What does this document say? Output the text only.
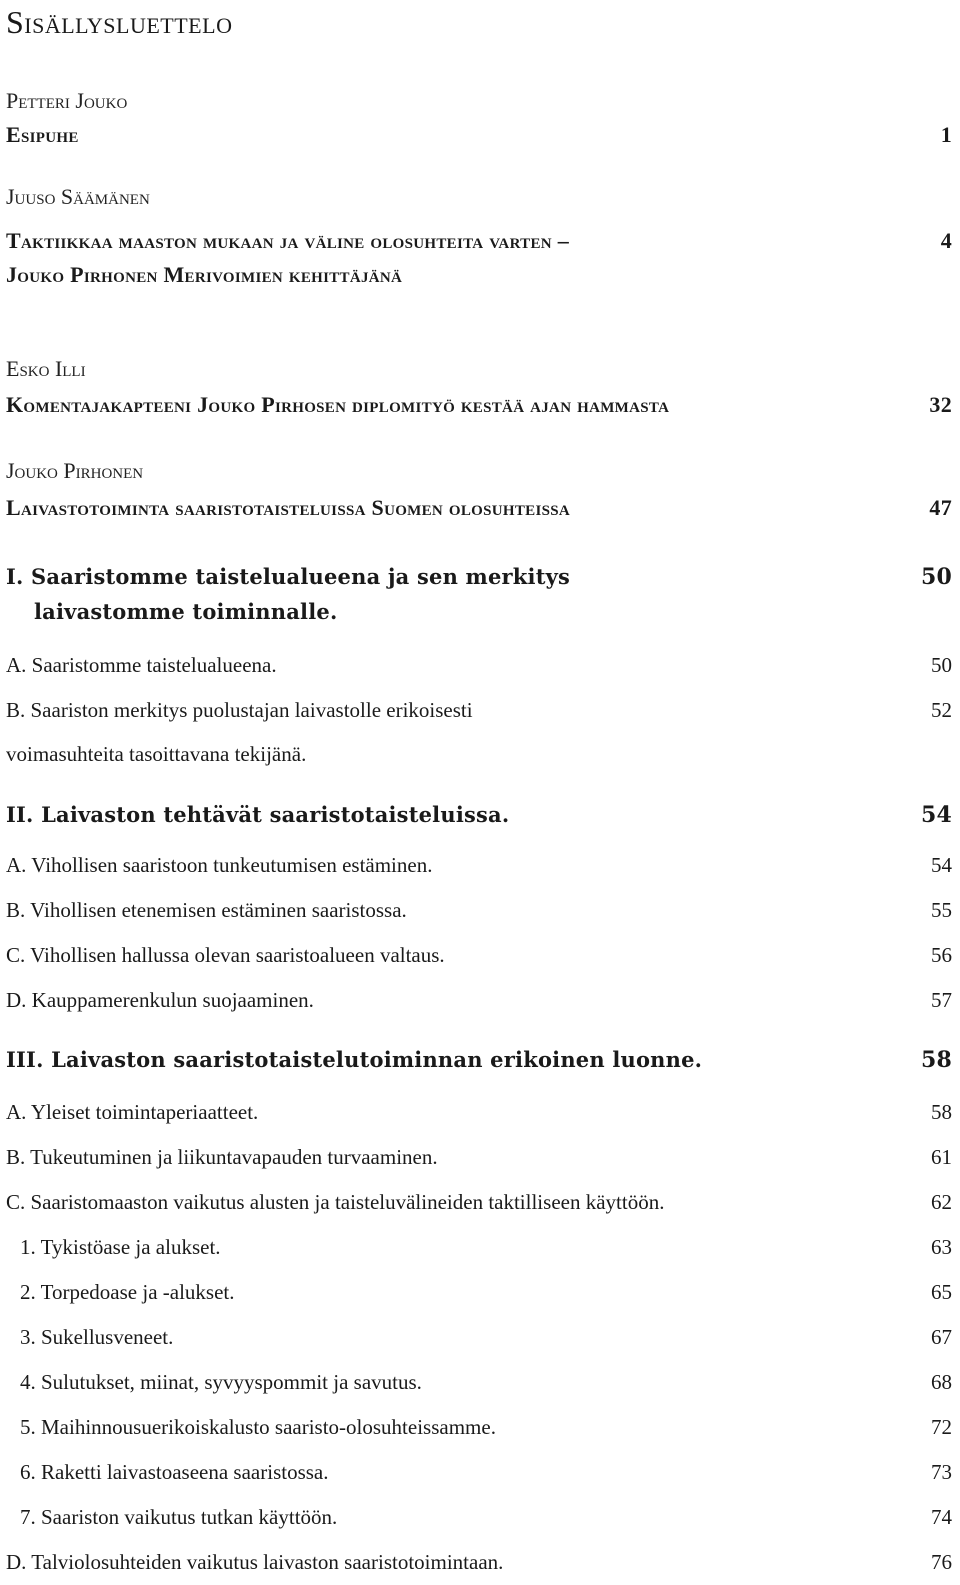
Sisällysluettelo
Petteri Jouko
Esipuhe	1
Juuso Säämänen
Taktiikkaa maaston mukaan ja väline olosuhteita varten –	4
Jouko Pirhonen Merivoimien kehittäjänä
Esko Illi
Komentajakapteeni Jouko Pirhosen diplomityö kestää ajan hammasta	32
Jouko Pirhonen
Laivastotoiminta saaristotaisteluissa Suomen olosuhteissa	47
I. Saaristomme taistelualueena ja sen merkitys	50
laivastomme toiminnalle.
A. Saaristomme taistelualueena.	50
B. Saariston merkitys puolustajan laivastolle erikoisesti	52
voimasuhteita tasoittavana tekijänä.
II. Laivaston tehtävät saaristotaisteluissa.	54
A. Vihollisen saaristoon tunkeutumisen estäminen.	54
B. Vihollisen etenemisen estäminen saaristossa.	55
C. Vihollisen hallussa olevan saaristoalueen valtaus.	56
D. Kauppamerenkulun suojaaminen.	57
III. Laivaston saaristotaistelutoiminnan erikoinen luonne.	58
A. Yleiset toimintaperiaatteet.	58
B. Tukeutuminen ja liikuntavapauden turvaaminen.	61
C. Saaristomaaston vaikutus alusten ja taisteluvälineiden taktilliseen käyttöön.	62
1. Tykistöase ja alukset.	63
2. Torpedoase ja -alukset.	65
3. Sukellusveneet.	67
4. Sulutukset, miinat, syvyyspommit ja savutus.	68
5. Maihinnousuerikoiskalusto saaristo-olosuhteissamme.	72
6. Raketti laivastoaseena saaristossa.	73
7. Saariston vaikutus tutkan käyttöön.	74
D. Talviolosuhteiden vaikutus laivaston saaristotoimintaan.	76
